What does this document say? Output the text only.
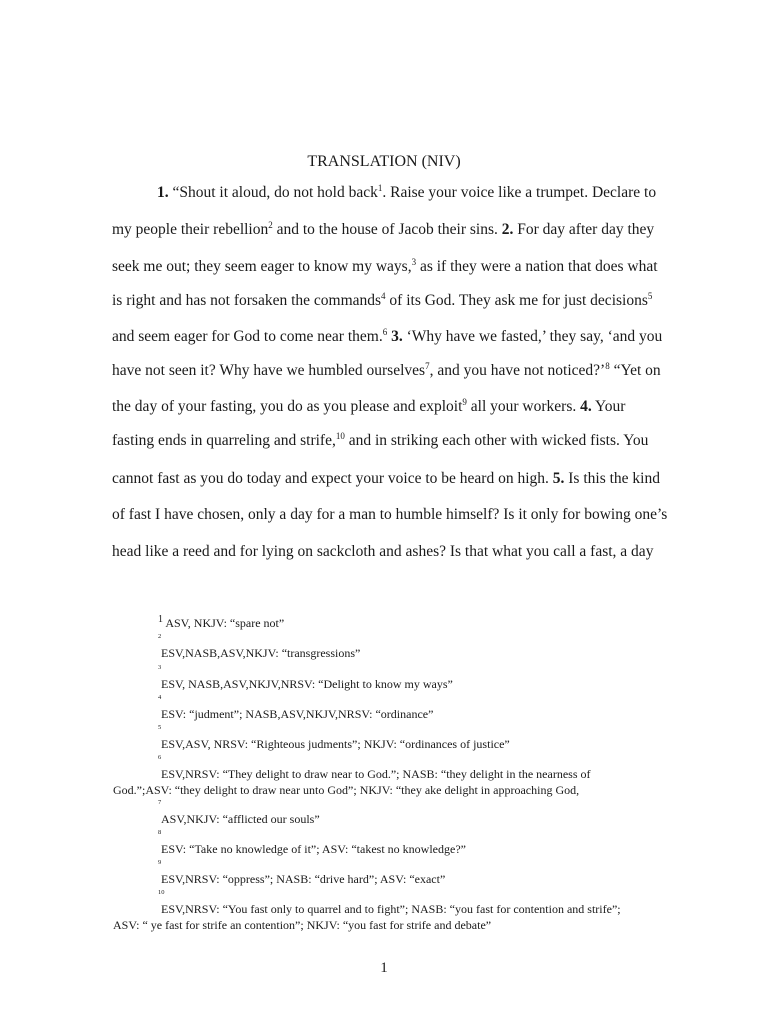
TRANSLATION (NIV)
1. “Shout it aloud, do not hold back$^1$. Raise your voice like a trumpet. Declare to
my people their rebellion$^2$ and to the house of Jacob their sins. 2. For day after day they
seek me out; they seem eager to know my ways,$^3$ as if they were a nation that does what
is right and has not forsaken the commands$^4$ of its God. They ask me for just decisions$^5$
and seem eager for God to come near them.$^6$ 3. ‘Why have we fasted,’ they say, ‘and you
have not seen it? Why have we humbled ourselves$^7$, and you have not noticed?’$^8$ “Yet on
the day of your fasting, you do as you please and exploit$^9$ all your workers. 4. Your
fasting ends in quarreling and strife,$^{10}$ and in striking each other with wicked fists. You
cannot fast as you do today and expect your voice to be heard on high. 5. Is this the kind
of fast I have chosen, only a day for a man to humble himself? Is it only for bowing one’s
head like a reed and for lying on sackcloth and ashes? Is that what you call a fast, a day
$^1$ ASV, NKJV: “spare not”
2
ESV,NASB,ASV,NKJV: “transgressions”
3
ESV, NASB,ASV,NKJV,NRSV: “Delight to know my ways”
4
ESV: “judment”; NASB,ASV,NKJV,NRSV: “ordinance”
5
ESV,ASV, NRSV: “Righteous judments”; NKJV: “ordinances of justice”
6
ESV,NRSV: “They delight to draw near to God.”; NASB: “they delight in the nearness of
God.”;ASV: “they delight to draw near unto God”; NKJV: “they ake delight in approaching God,
7
ASV,NKJV: “afflicted our souls”
8
ESV: “Take no knowledge of it”; ASV: “takest no knowledge?”
9
ESV,NRSV: “oppress”; NASB: “drive hard”; ASV: “exact”
10
ESV,NRSV: “You fast only to quarrel and to fight”; NASB: “you fast for contention and strife”;
ASV: “ ye fast for strife an contention”; NKJV: “you fast for strife and debate”
1
